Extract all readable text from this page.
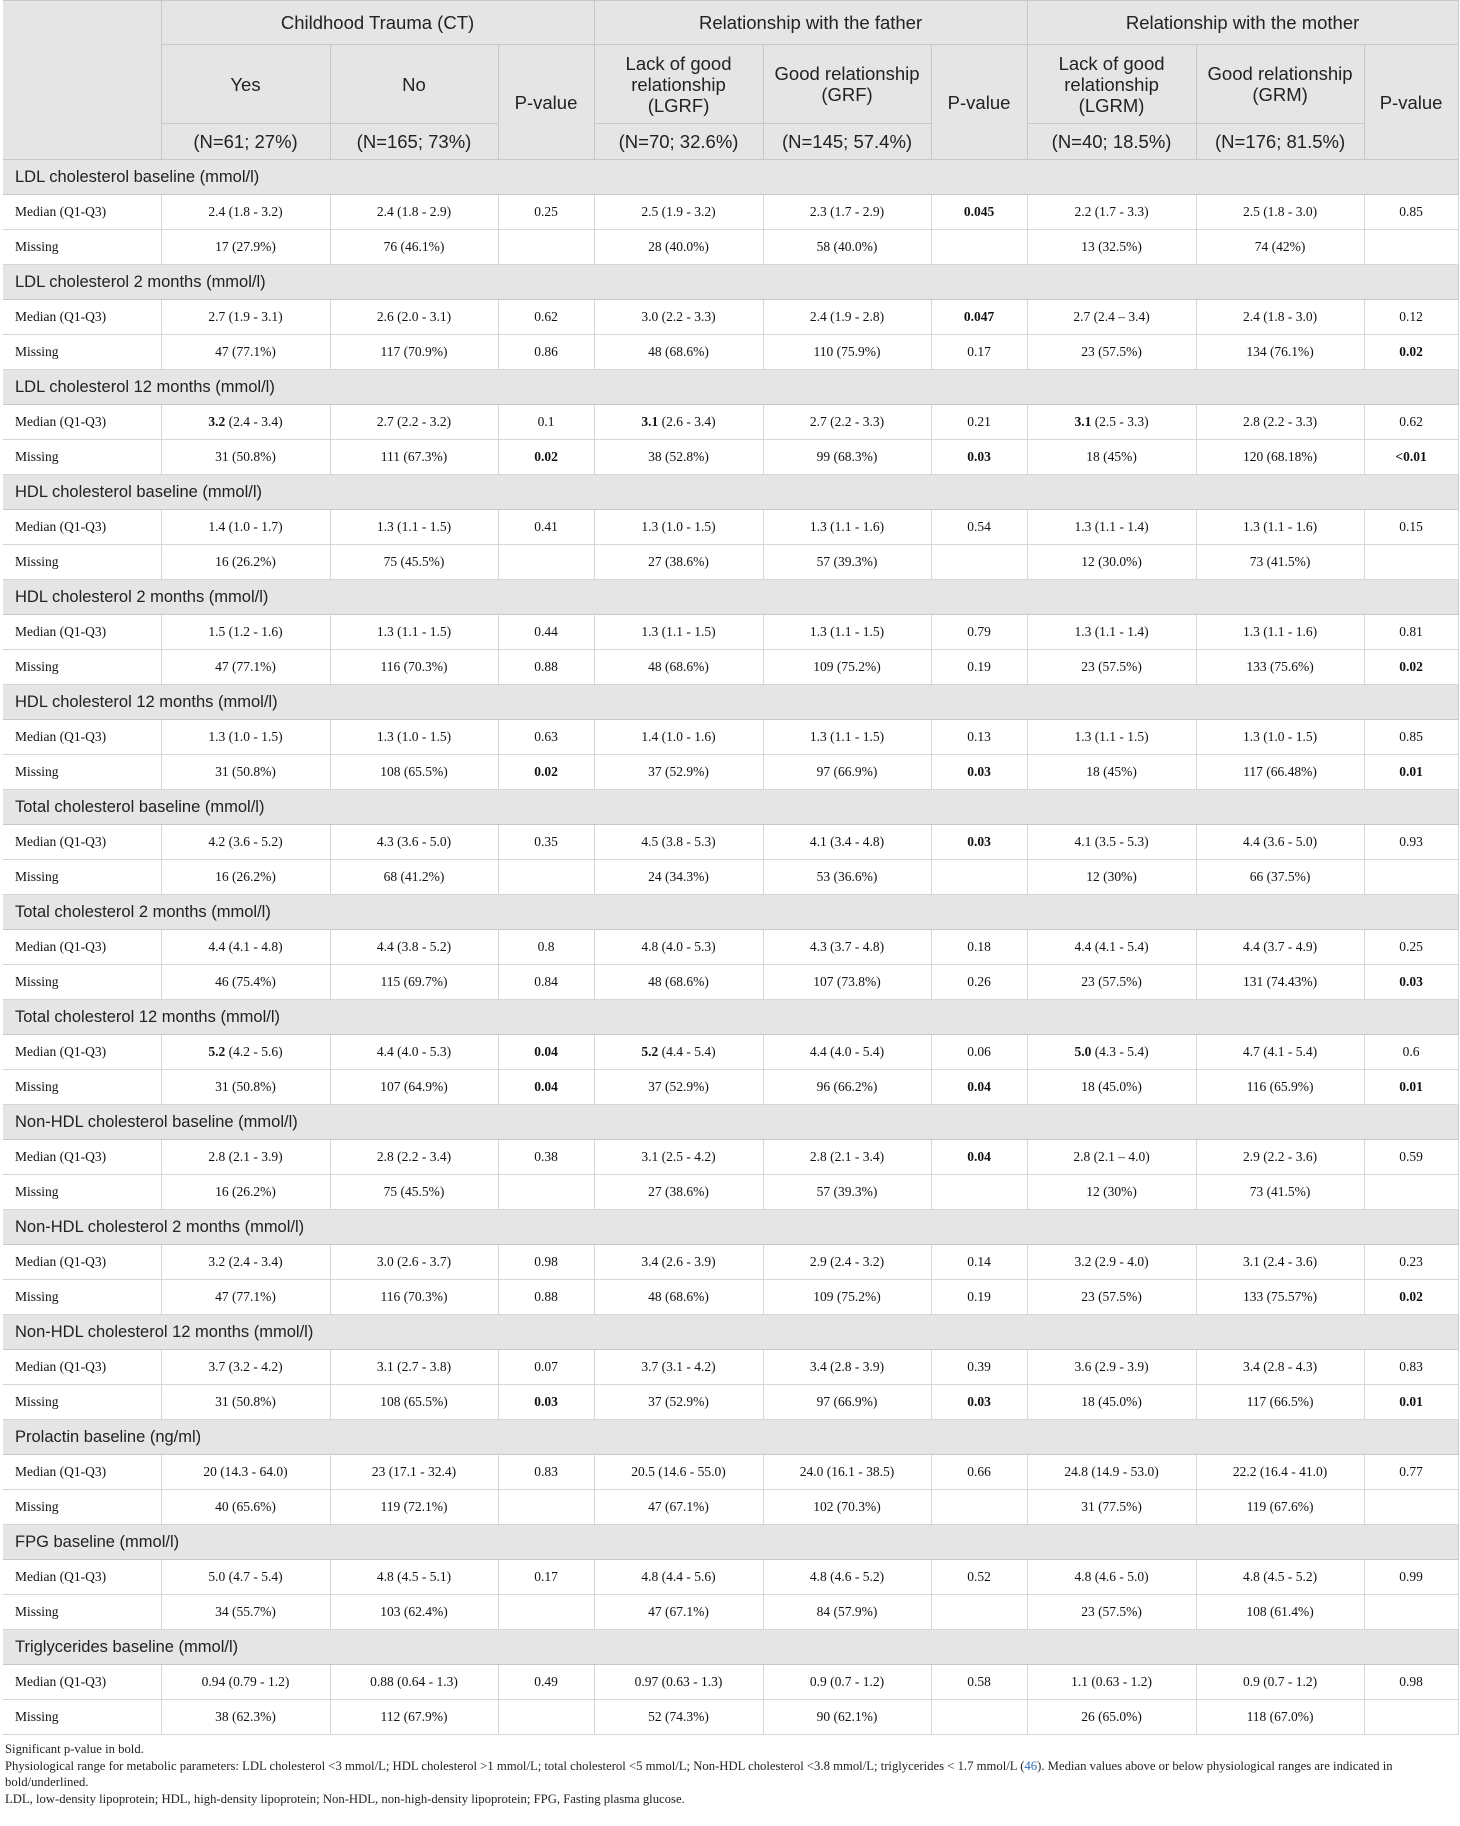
	Childhood Trauma (CT)			Relationship with the father			Relationship with the mother		
	Yes	No	P-value	Lack of good relationship (LGRF)	Good relationship (GRF)	P-value	Lack of good relationship (LGRM)	Good relationship (GRM)	P-value
	(N=61; 27%)	(N=165; 73%)		(N=70; 32.6%)	(N=145; 57.4%)		(N=40; 18.5%)	(N=176; 81.5%)	
LDL cholesterol baseline (mmol/l)									
Median (Q1-Q3)	2.4 (1.8 - 3.2)	2.4 (1.8 - 2.9)	0.25	2.5 (1.9 - 3.2)	2.3 (1.7 - 2.9)	0.045	2.2 (1.7 - 3.3)	2.5 (1.8 - 3.0)	0.85
Missing	17 (27.9%)	76 (46.1%)		28 (40.0%)	58 (40.0%)		13 (32.5%)	74 (42%)	
LDL cholesterol 2 months (mmol/l)									
Median (Q1-Q3)	2.7 (1.9 - 3.1)	2.6 (2.0 - 3.1)	0.62	3.0 (2.2 - 3.3)	2.4 (1.9 - 2.8)	0.047	2.7 (2.4 – 3.4)	2.4 (1.8 - 3.0)	0.12
Missing	47 (77.1%)	117 (70.9%)	0.86	48 (68.6%)	110 (75.9%)	0.17	23 (57.5%)	134 (76.1%)	0.02
LDL cholesterol 12 months (mmol/l)									
Median (Q1-Q3)	3.2 (2.4 - 3.4)	2.7 (2.2 - 3.2)	0.1	3.1 (2.6 - 3.4)	2.7 (2.2 - 3.3)	0.21	3.1 (2.5 - 3.3)	2.8 (2.2 - 3.3)	0.62
Missing	31 (50.8%)	111 (67.3%)	0.02	38 (52.8%)	99 (68.3%)	0.03	18 (45%)	120 (68.18%)	<0.01
HDL cholesterol baseline (mmol/l)									
Median (Q1-Q3)	1.4 (1.0 - 1.7)	1.3 (1.1 - 1.5)	0.41	1.3 (1.0 - 1.5)	1.3 (1.1 - 1.6)	0.54	1.3 (1.1 - 1.4)	1.3 (1.1 - 1.6)	0.15
Missing	16 (26.2%)	75 (45.5%)		27 (38.6%)	57 (39.3%)		12 (30.0%)	73 (41.5%)	
HDL cholesterol 2 months (mmol/l)									
Median (Q1-Q3)	1.5 (1.2 - 1.6)	1.3 (1.1 - 1.5)	0.44	1.3 (1.1 - 1.5)	1.3 (1.1 - 1.5)	0.79	1.3 (1.1 - 1.4)	1.3 (1.1 - 1.6)	0.81
Missing	47 (77.1%)	116 (70.3%)	0.88	48 (68.6%)	109 (75.2%)	0.19	23 (57.5%)	133 (75.6%)	0.02
HDL cholesterol 12 months (mmol/l)									
Median (Q1-Q3)	1.3 (1.0 - 1.5)	1.3 (1.0 - 1.5)	0.63	1.4 (1.0 - 1.6)	1.3 (1.1 - 1.5)	0.13	1.3 (1.1 - 1.5)	1.3 (1.0 - 1.5)	0.85
Missing	31 (50.8%)	108 (65.5%)	0.02	37 (52.9%)	97 (66.9%)	0.03	18 (45%)	117 (66.48%)	0.01
Total cholesterol baseline (mmol/l)									
Median (Q1-Q3)	4.2 (3.6 - 5.2)	4.3 (3.6 - 5.0)	0.35	4.5 (3.8 - 5.3)	4.1 (3.4 - 4.8)	0.03	4.1 (3.5 - 5.3)	4.4 (3.6 - 5.0)	0.93
Missing	16 (26.2%)	68 (41.2%)		24 (34.3%)	53 (36.6%)		12 (30%)	66 (37.5%)	
Total cholesterol 2 months (mmol/l)									
Median (Q1-Q3)	4.4 (4.1 - 4.8)	4.4 (3.8 - 5.2)	0.8	4.8 (4.0 - 5.3)	4.3 (3.7 - 4.8)	0.18	4.4 (4.1 - 5.4)	4.4 (3.7 - 4.9)	0.25
Missing	46 (75.4%)	115 (69.7%)	0.84	48 (68.6%)	107 (73.8%)	0.26	23 (57.5%)	131 (74.43%)	0.03
Total cholesterol 12 months (mmol/l)									
Median (Q1-Q3)	5.2 (4.2 - 5.6)	4.4 (4.0 - 5.3)	0.04	5.2 (4.4 - 5.4)	4.4 (4.0 - 5.4)	0.06	5.0 (4.3 - 5.4)	4.7 (4.1 - 5.4)	0.6
Missing	31 (50.8%)	107 (64.9%)	0.04	37 (52.9%)	96 (66.2%)	0.04	18 (45.0%)	116 (65.9%)	0.01
Non-HDL cholesterol baseline (mmol/l)									
Median (Q1-Q3)	2.8 (2.1 - 3.9)	2.8 (2.2 - 3.4)	0.38	3.1 (2.5 - 4.2)	2.8 (2.1 - 3.4)	0.04	2.8 (2.1 – 4.0)	2.9 (2.2 - 3.6)	0.59
Missing	16 (26.2%)	75 (45.5%)		27 (38.6%)	57 (39.3%)		12 (30%)	73 (41.5%)	
Non-HDL cholesterol 2 months (mmol/l)									
Median (Q1-Q3)	3.2 (2.4 - 3.4)	3.0 (2.6 - 3.7)	0.98	3.4 (2.6 - 3.9)	2.9 (2.4 - 3.2)	0.14	3.2 (2.9 - 4.0)	3.1 (2.4 - 3.6)	0.23
Missing	47 (77.1%)	116 (70.3%)	0.88	48 (68.6%)	109 (75.2%)	0.19	23 (57.5%)	133 (75.57%)	0.02
Non-HDL cholesterol 12 months (mmol/l)									
Median (Q1-Q3)	3.7 (3.2 - 4.2)	3.1 (2.7 - 3.8)	0.07	3.7 (3.1 - 4.2)	3.4 (2.8 - 3.9)	0.39	3.6 (2.9 - 3.9)	3.4 (2.8 - 4.3)	0.83
Missing	31 (50.8%)	108 (65.5%)	0.03	37 (52.9%)	97 (66.9%)	0.03	18 (45.0%)	117 (66.5%)	0.01
Prolactin baseline (ng/ml)									
Median (Q1-Q3)	20 (14.3 - 64.0)	23 (17.1 - 32.4)	0.83	20.5 (14.6 - 55.0)	24.0 (16.1 - 38.5)	0.66	24.8 (14.9 - 53.0)	22.2 (16.4 - 41.0)	0.77
Missing	40 (65.6%)	119 (72.1%)		47 (67.1%)	102 (70.3%)		31 (77.5%)	119 (67.6%)	
FPG baseline (mmol/l)									
Median (Q1-Q3)	5.0 (4.7 - 5.4)	4.8 (4.5 - 5.1)	0.17	4.8 (4.4 - 5.6)	4.8 (4.6 - 5.2)	0.52	4.8 (4.6 - 5.0)	4.8 (4.5 - 5.2)	0.99
Missing	34 (55.7%)	103 (62.4%)		47 (67.1%)	84 (57.9%)		23 (57.5%)	108 (61.4%)	
Triglycerides baseline (mmol/l)									
Median (Q1-Q3)	0.94 (0.79 - 1.2)	0.88 (0.64 - 1.3)	0.49	0.97 (0.63 - 1.3)	0.9 (0.7 - 1.2)	0.58	1.1 (0.63 - 1.2)	0.9 (0.7 - 1.2)	0.98
Missing	38 (62.3%)	112 (67.9%)		52 (74.3%)	90 (62.1%)		26 (65.0%)	118 (67.0%)	

Significant p-value in bold.

Physiological range for metabolic parameters: LDL cholesterol <3 mmol/L; HDL cholesterol >1 mmol/L; total cholesterol <5 mmol/L; Non-HDL cholesterol <3.8 mmol/L; triglycerides < 1.7 mmol/L (46). Median values above or below physiological ranges are indicated in bold/underlined.

LDL, low-density lipoprotein; HDL, high-density lipoprotein; Non-HDL, non-high-density lipoprotein; FPG, Fasting plasma glucose.
